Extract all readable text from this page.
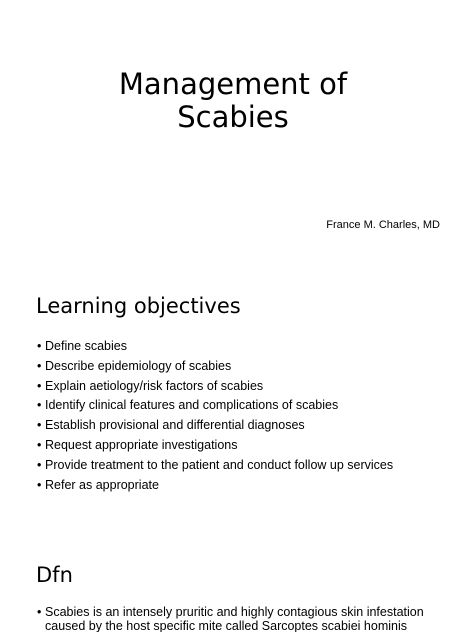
Management of
Scabies
France M. Charles, MD
Learning objectives
• Define scabies
• Describe epidemiology of scabies
• Explain aetiology/risk factors of scabies
• Identify clinical features and complications of scabies
• Establish provisional and differential diagnoses
• Request appropriate investigations
• Provide treatment to the patient and conduct follow up services
• Refer as appropriate
Dfn
• Scabies is an intensely pruritic and highly contagious skin infestation caused by the host specific mite called Sarcoptes scabiei hominis
